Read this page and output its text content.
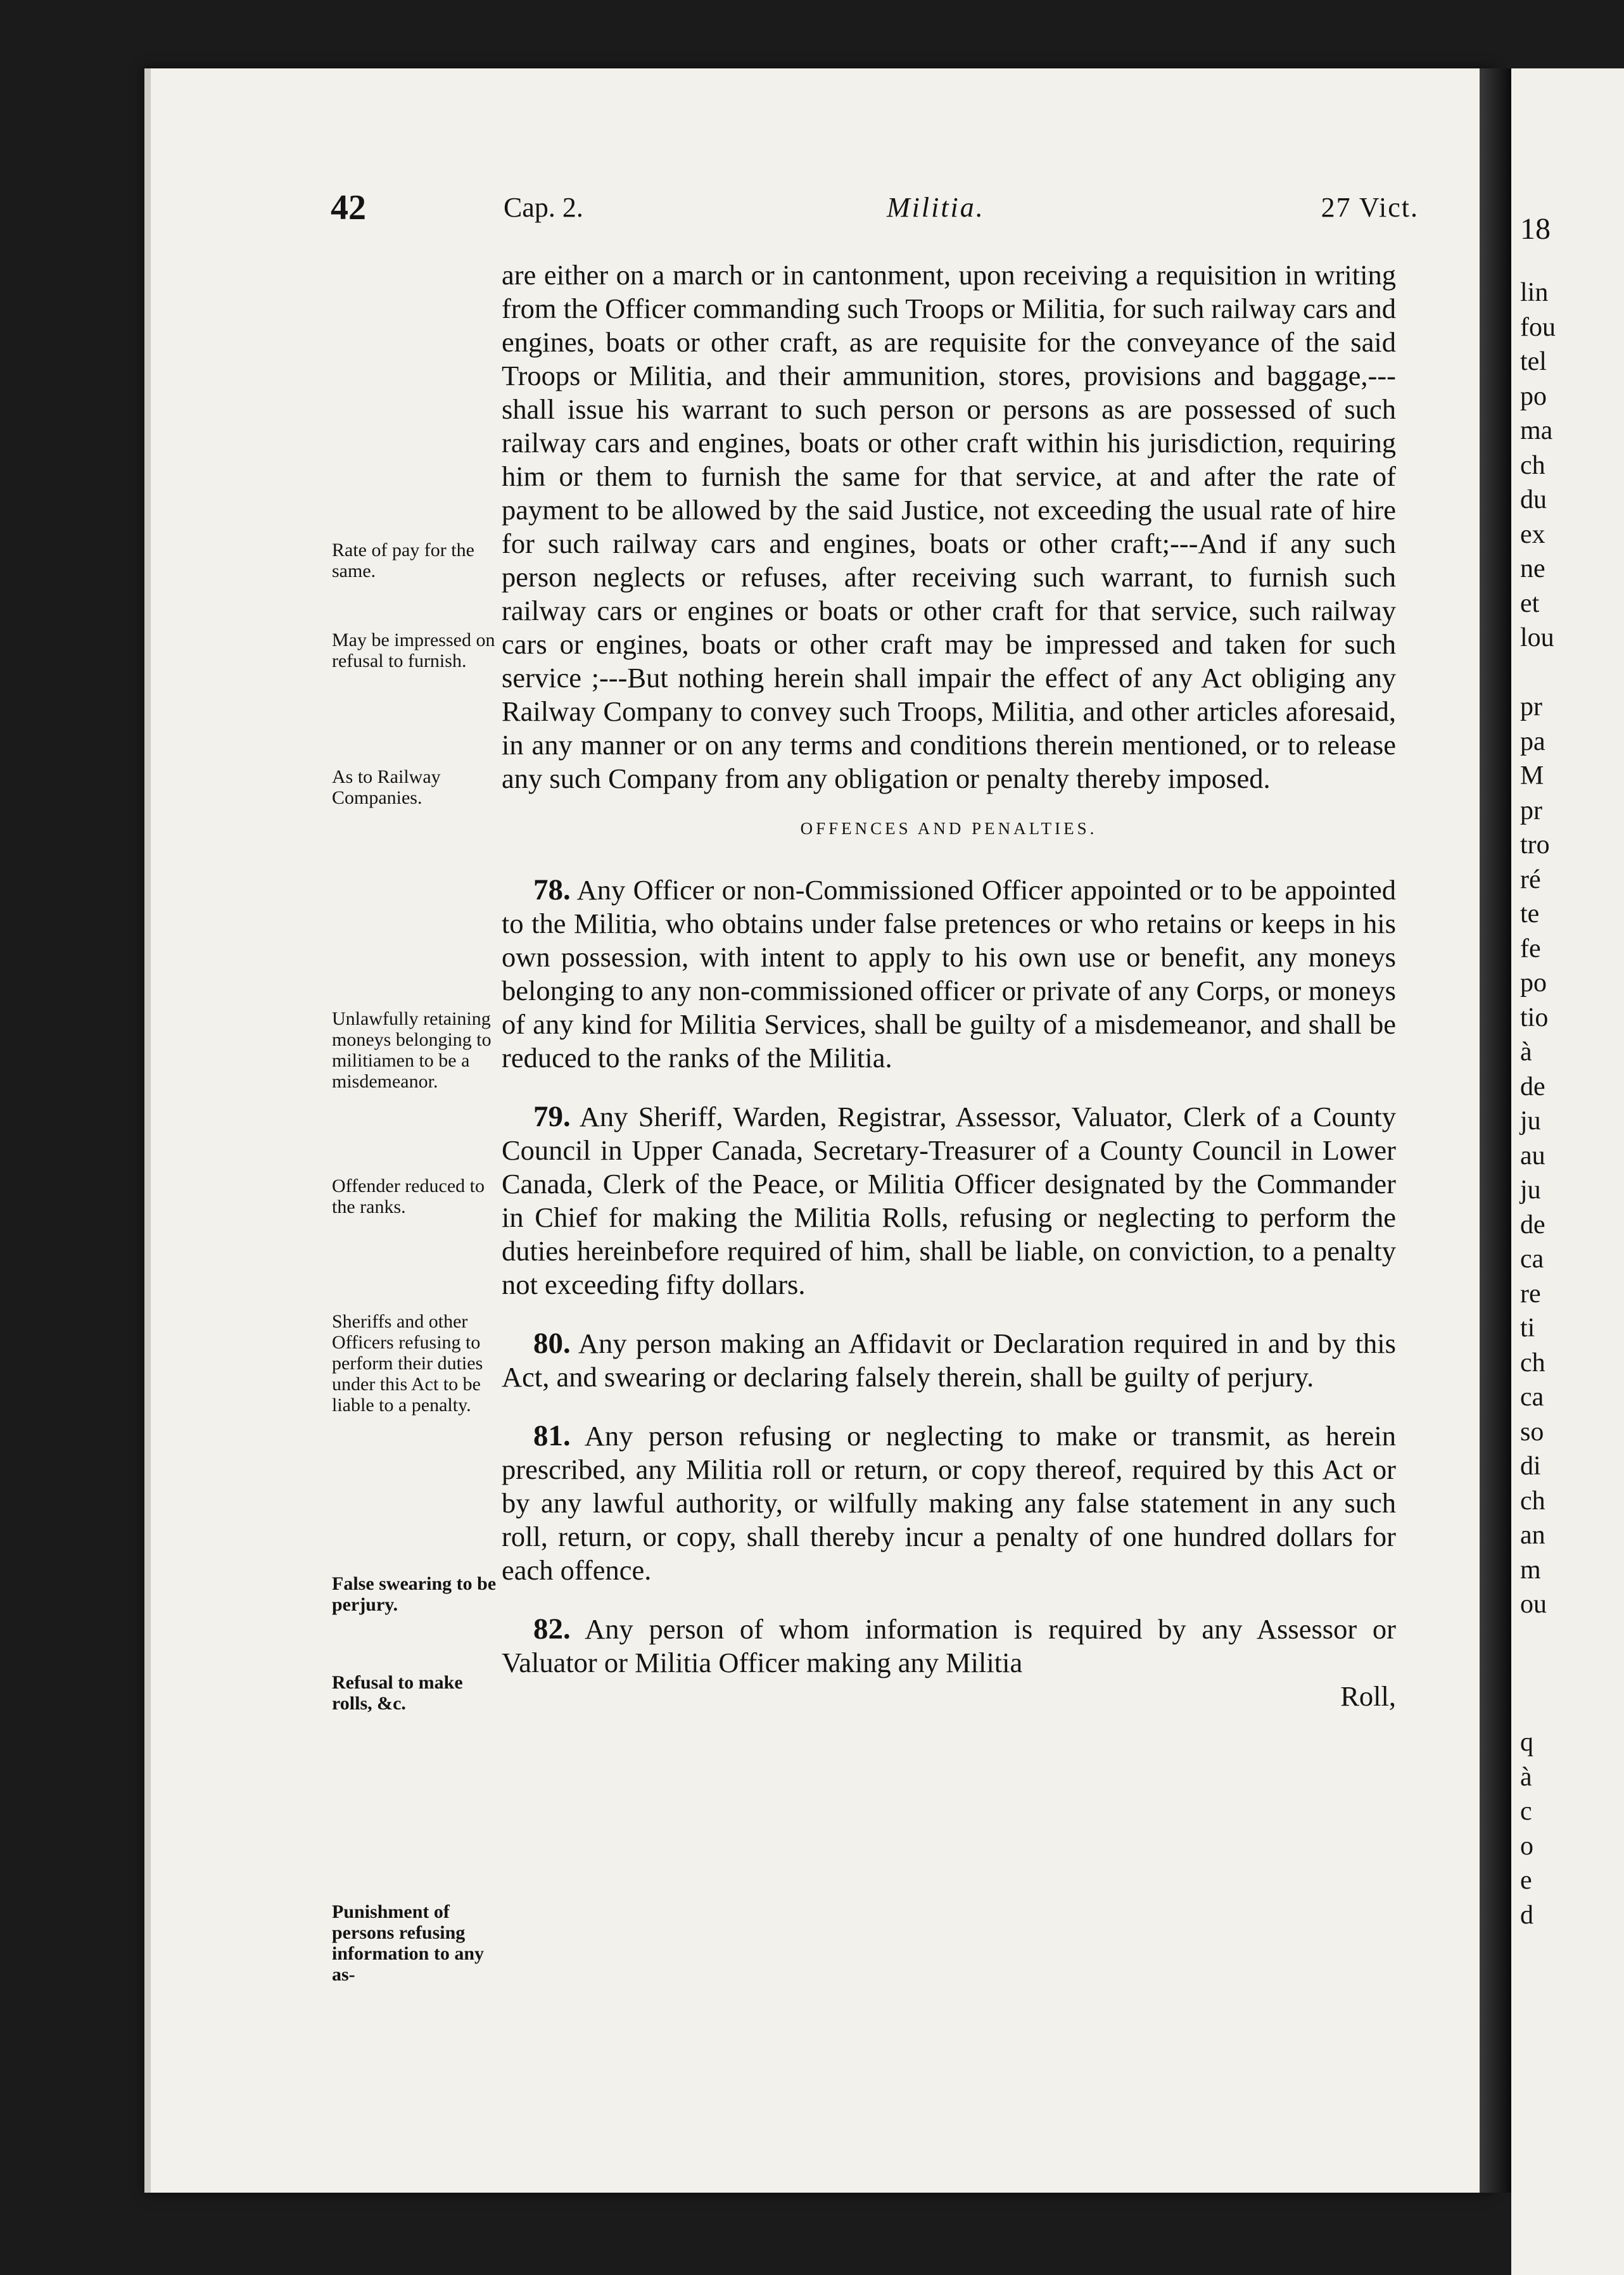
18
lin
fou
tel
po
ma
ch
du
ex
ne
et
lou
pr
pa
M
pr
tro
ré
te
fe
po
tio
à
de
ju
au
ju
de
ca
re
ti
ch
ca
so
di
ch
an
m
ou
q
à
c
o
e
d
42	Cap. 2.	Militia.	27 Vict.
Rate of pay for the same.
May be impressed on refusal to furnish.
As to Railway Companies.
Unlawfully retaining moneys belonging to militiamen to be a misdemeanor.
Offender reduced to the ranks.
Sheriffs and other Officers refusing to perform their duties under this Act to be liable to a penalty.
False swearing to be perjury.
Refusal to make rolls, &c.
Punishment of persons refusing information to any as-

are either on a march or in cantonment, upon receiving a requisition in writing from the Officer commanding such Troops or Militia, for such railway cars and engines, boats or other craft, as are requisite for the conveyance of the said Troops or Militia, and their ammunition, stores, provisions and baggage,---shall issue his warrant to such person or persons as are possessed of such railway cars and engines, boats or other craft within his jurisdiction, requiring him or them to furnish the same for that service, at and after the rate of payment to be allowed by the said Justice, not exceeding the usual rate of hire for such railway cars and engines, boats or other craft;---And if any such person neglects or refuses, after receiving such warrant, to furnish such railway cars or engines or boats or other craft for that service, such railway cars or engines, boats or other craft may be impressed and taken for such service ;---But nothing herein shall impair the effect of any Act obliging any Railway Company to convey such Troops, Militia, and other articles aforesaid, in any manner or on any terms and conditions therein mentioned, or to release any such Company from any obligation or penalty thereby imposed.

OFFENCES AND PENALTIES.

78. Any Officer or non-Commissioned Officer appointed or to be appointed to the Militia, who obtains under false pretences or who retains or keeps in his own possession, with intent to apply to his own use or benefit, any moneys belonging to any non-commissioned officer or private of any Corps, or moneys of any kind for Militia Services, shall be guilty of a misdemeanor, and shall be reduced to the ranks of the Militia.

79. Any Sheriff, Warden, Registrar, Assessor, Valuator, Clerk of a County Council in Upper Canada, Secretary-Treasurer of a County Council in Lower Canada, Clerk of the Peace, or Militia Officer designated by the Commander in Chief for making the Militia Rolls, refusing or neglecting to perform the duties hereinbefore required of him, shall be liable, on conviction, to a penalty not exceeding fifty dollars.

80. Any person making an Affidavit or Declaration required in and by this Act, and swearing or declaring falsely therein, shall be guilty of perjury.

81. Any person refusing or neglecting to make or transmit, as herein prescribed, any Militia roll or return, or copy thereof, required by this Act or by any lawful authority, or wilfully making any false statement in any such roll, return, or copy, shall thereby incur a penalty of one hundred dollars for each offence.

82. Any person of whom information is required by any Assessor or Valuator or Militia Officer making any Militia

Roll,
